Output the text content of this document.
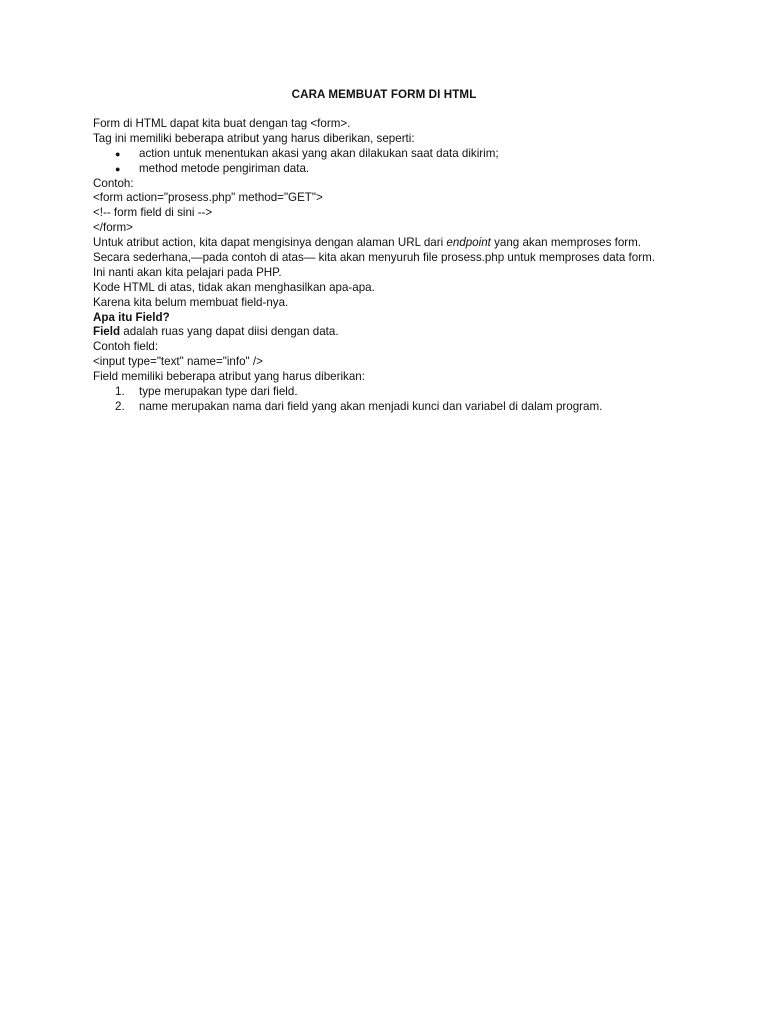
CARA MEMBUAT FORM DI HTML
Form di HTML dapat kita buat dengan tag <form>.
Tag ini memiliki beberapa atribut yang harus diberikan, seperti:
●	action untuk menentukan akasi yang akan dilakukan saat data dikirim;
●	method metode pengiriman data.
Contoh:
<form action="prosess.php" method="GET">
<!-- form field di sini -->
</form>
Untuk atribut action, kita dapat mengisinya dengan alaman URL dari endpoint yang akan memproses form.
Secara sederhana,—pada contoh di atas— kita akan menyuruh file prosess.php untuk memproses data form.
Ini nanti akan kita pelajari pada PHP.
Kode HTML di atas, tidak akan menghasilkan apa-apa.
Karena kita belum membuat field-nya.
Apa itu Field?
Field adalah ruas yang dapat diisi dengan data.
Contoh field:
<input type="text" name="info" />
Field memiliki beberapa atribut yang harus diberikan:
1.	type merupakan type dari field.
2.	name merupakan nama dari field yang akan menjadi kunci dan variabel di dalam program.
